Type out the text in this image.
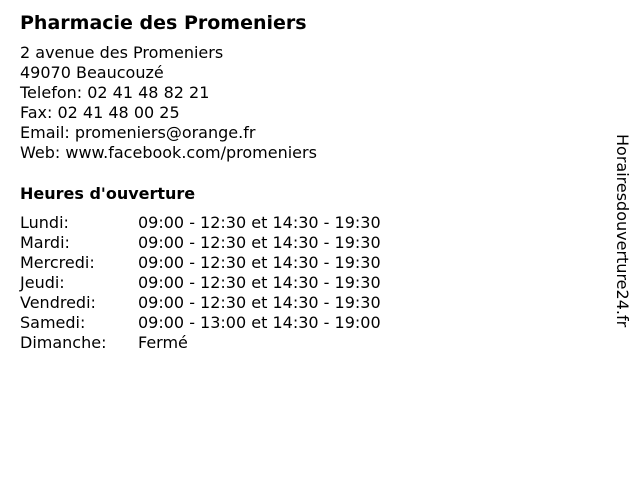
Pharmacie des Promeniers
2 avenue des Promeniers
49070 Beaucouzé
Telefon: 02 41 48 82 21
Fax: 02 41 48 00 25
Email: promeniers@orange.fr
Web: www.facebook.com/promeniers
Heures d'ouverture
Lundi:	09:00 - 12:30 et 14:30 - 19:30
Mardi:	09:00 - 12:30 et 14:30 - 19:30
Mercredi:	09:00 - 12:30 et 14:30 - 19:30
Jeudi:	09:00 - 12:30 et 14:30 - 19:30
Vendredi:	09:00 - 12:30 et 14:30 - 19:30
Samedi:	09:00 - 13:00 et 14:30 - 19:00
Dimanche: Fermé
Horairesdouverture24.fr
